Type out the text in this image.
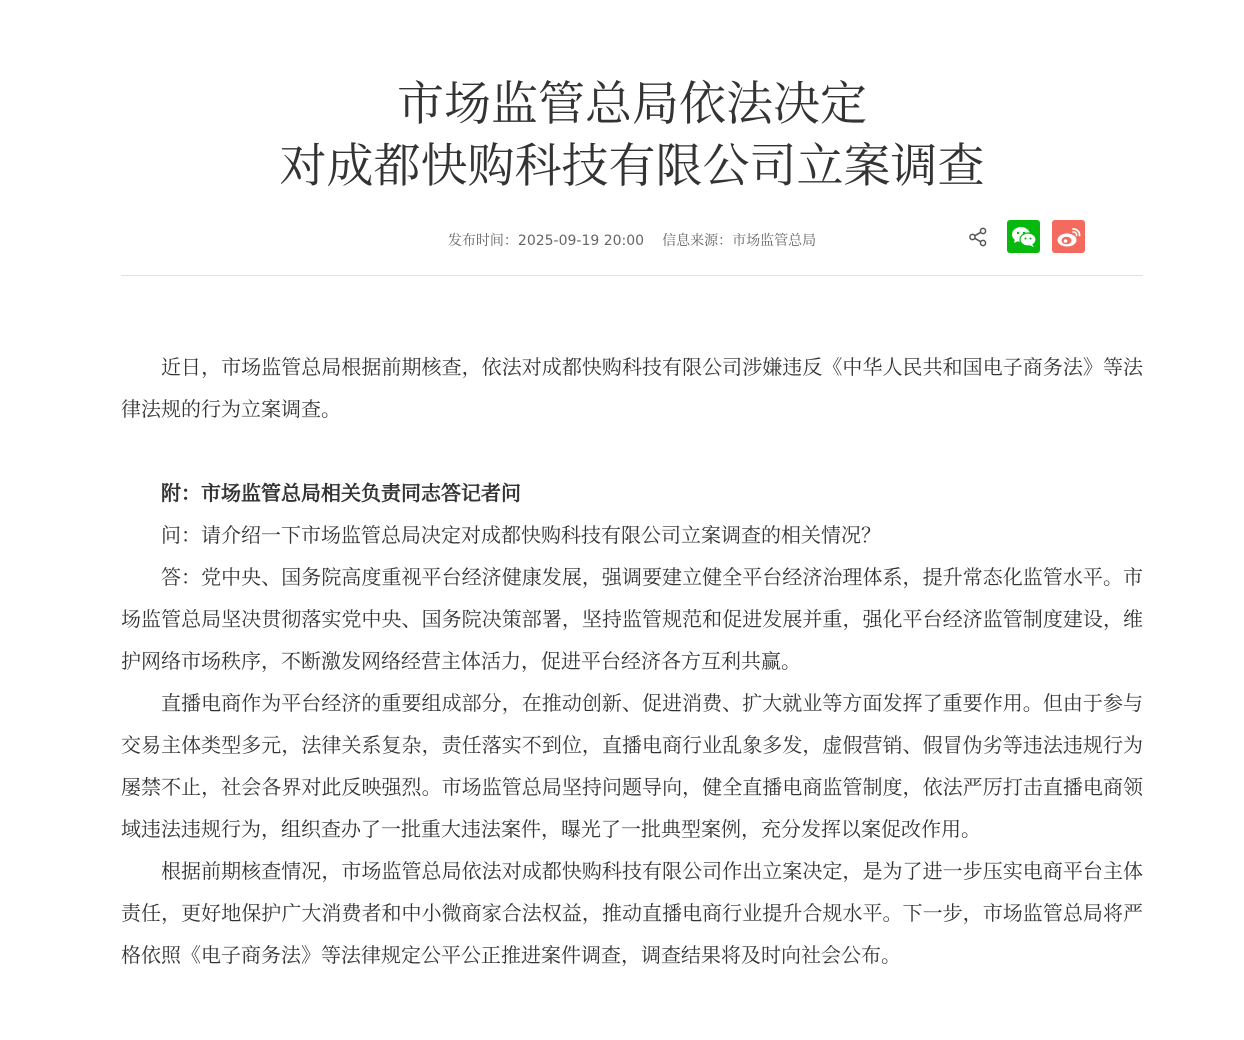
市场监管总局依法决定
对成都快购科技有限公司立案调查
发布时间：2025-09-19 20:00 信息来源：市场监管总局

近日，市场监管总局根据前期核查，依法对成都快购科技有限公司涉嫌违反《中华人民共和国电子商务法》等法律法规的行为立案调查。

附：市场监管总局相关负责同志答记者问

问：请介绍一下市场监管总局决定对成都快购科技有限公司立案调查的相关情况？

答：党中央、国务院高度重视平台经济健康发展，强调要建立健全平台经济治理体系，提升常态化监管水平。市场监管总局坚决贯彻落实党中央、国务院决策部署，坚持监管规范和促进发展并重，强化平台经济监管制度建设，维护网络市场秩序，不断激发网络经营主体活力，促进平台经济各方互利共赢。

直播电商作为平台经济的重要组成部分，在推动创新、促进消费、扩大就业等方面发挥了重要作用。但由于参与交易主体类型多元，法律关系复杂，责任落实不到位，直播电商行业乱象多发，虚假营销、假冒伪劣等违法违规行为屡禁不止，社会各界对此反映强烈。市场监管总局坚持问题导向，健全直播电商监管制度，依法严厉打击直播电商领域违法违规行为，组织查办了一批重大违法案件，曝光了一批典型案例，充分发挥以案促改作用。

根据前期核查情况，市场监管总局依法对成都快购科技有限公司作出立案决定，是为了进一步压实电商平台主体责任，更好地保护广大消费者和中小微商家合法权益，推动直播电商行业提升合规水平。下一步，市场监管总局将严格依照《电子商务法》等法律规定公平公正推进案件调查，调查结果将及时向社会公布。
